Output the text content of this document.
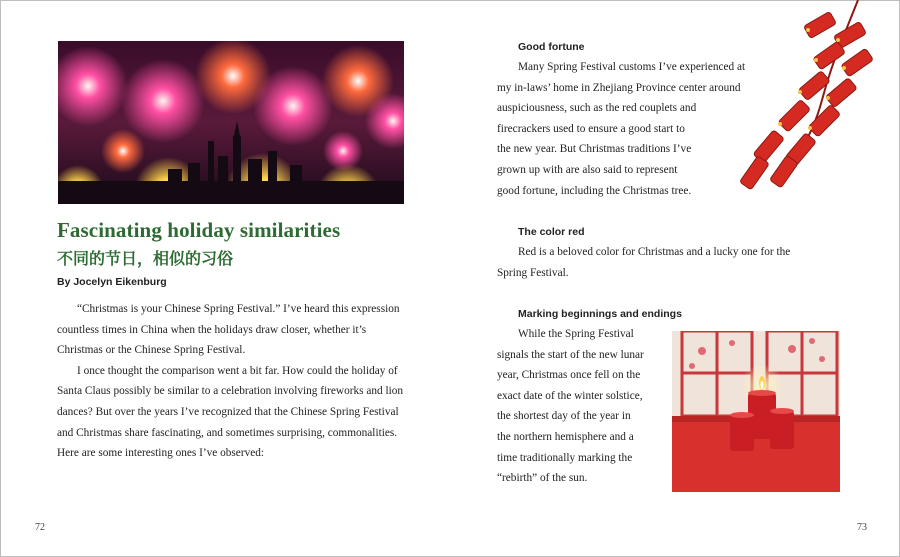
Fascinating holiday similarities
不同的节日，相似的习俗
By Jocelyn Eikenburg

“Christmas is your Chinese Spring Festival.” I’ve heard this expression countless times in China when the holidays draw closer, whether it’s Christmas or the Chinese Spring Festival.

I once thought the comparison went a bit far. How could the holiday of Santa Claus possibly be similar to a celebration involving fireworks and lion dances? But over the years I’ve recognized that the Chinese Spring Festival and Christmas share fascinating, and sometimes surprising, commonalities. Here are some interesting ones I’ve observed:

72
Good fortune
Many Spring Festival customs I’ve experienced at
my in-laws’ home in Zhejiang Province center around
auspiciousness, such as the red couplets and
firecrackers used to ensure a good start to
the new year. But Christmas traditions I’ve
grown up with are also said to represent
good fortune, including the Christmas tree.
The color red
Red is a beloved color for Christmas and a lucky one for the
Spring Festival.
Marking beginnings and endings
While the Spring Festival
signals the start of the new lunar
year, Christmas once fell on the
exact date of the winter solstice,
the shortest day of the year in
the northern hemisphere and a
time traditionally marking the
“rebirth” of the sun.
73
